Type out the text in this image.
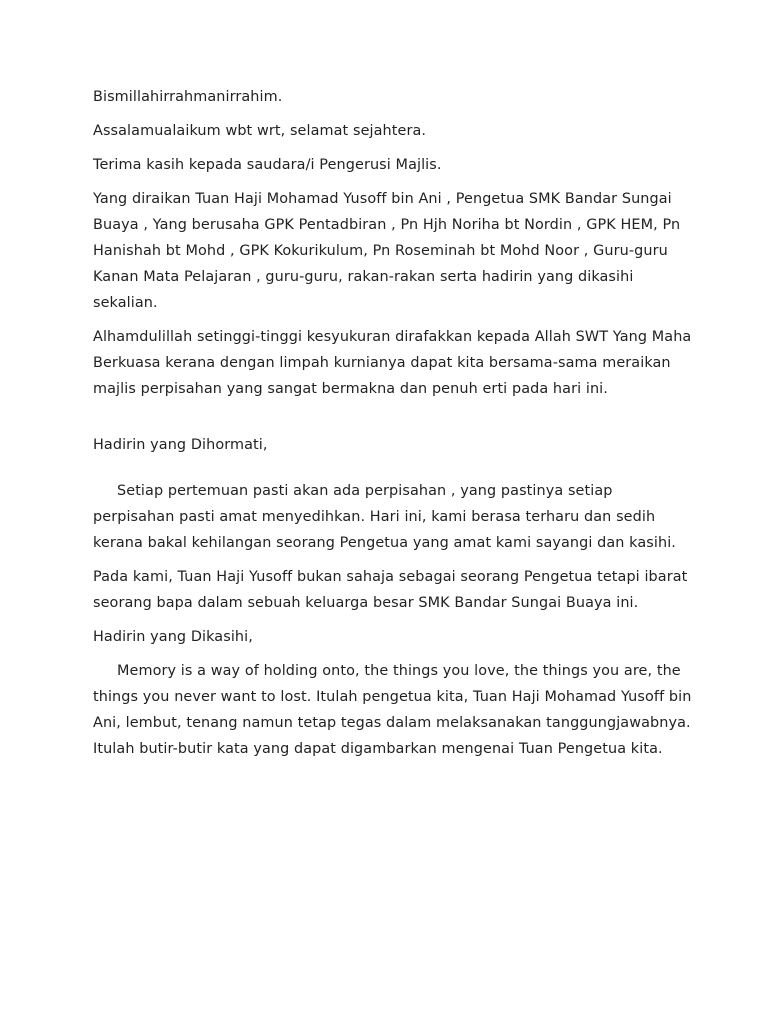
Bismillahirrahmanirrahim.

Assalamualaikum wbt wrt, selamat sejahtera.

Terima kasih kepada saudara/i Pengerusi Majlis.

Yang diraikan Tuan Haji Mohamad Yusoff bin Ani , Pengetua SMK Bandar Sungai Buaya , Yang berusaha GPK Pentadbiran , Pn Hjh Noriha bt Nordin , GPK HEM, Pn Hanishah bt Mohd , GPK Kokurikulum, Pn Roseminah bt Mohd Noor , Guru-guru Kanan Mata Pelajaran , guru-guru, rakan-rakan serta hadirin yang dikasihi sekalian.

Alhamdulillah setinggi-tinggi kesyukuran dirafakkan kepada Allah SWT Yang Maha Berkuasa kerana dengan limpah kurnianya dapat kita bersama-sama meraikan majlis perpisahan yang sangat bermakna dan penuh erti pada hari ini.

Hadirin yang Dihormati,

Setiap pertemuan pasti akan ada perpisahan , yang pastinya setiap perpisahan pasti amat menyedihkan. Hari ini, kami berasa terharu dan sedih kerana bakal kehilangan seorang Pengetua yang amat kami sayangi dan kasihi.

Pada kami, Tuan Haji Yusoff bukan sahaja sebagai seorang Pengetua tetapi ibarat seorang bapa dalam sebuah keluarga besar SMK Bandar Sungai Buaya ini.

Hadirin yang Dikasihi,

Memory is a way of holding onto, the things you love, the things you are, the things you never want to lost. Itulah pengetua kita, Tuan Haji Mohamad Yusoff bin Ani, lembut, tenang namun tetap tegas dalam melaksanakan tanggungjawabnya. Itulah butir-butir kata yang dapat digambarkan mengenai Tuan Pengetua kita.
